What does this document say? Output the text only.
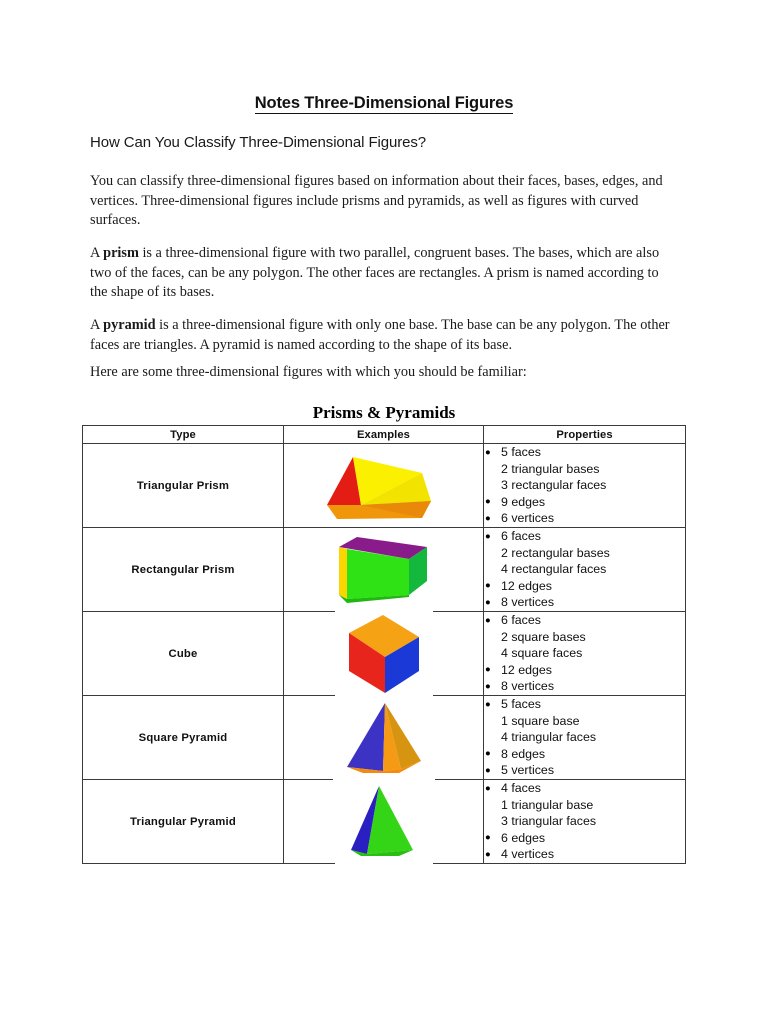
Notes Three-Dimensional Figures
How Can You Classify Three-Dimensional Figures?
You can classify three-dimensional figures based on information about their faces, bases, edges, and vertices. Three-dimensional figures include prisms and pyramids, as well as figures with curved surfaces.
A prism is a three-dimensional figure with two parallel, congruent bases. The bases, which are also two of the faces, can be any polygon. The other faces are rectangles. A prism is named according to the shape of its bases.
A pyramid is a three-dimensional figure with only one base. The base can be any polygon. The other faces are triangles. A pyramid is named according to the shape of its base.
Here are some three-dimensional figures with which you should be familiar:
Prisms & Pyramids
Type	Examples	Properties
Triangular Prism		● 5 faces
2 triangular bases
3 rectangular faces
● 9 edges
● 6 vertices

Rectangular Prism		● 6 faces
2 rectangular bases
4 rectangular faces
● 12 edges
● 8 vertices

Cube		● 6 faces
2 square bases
4 square faces
● 12 edges
● 8 vertices

Square Pyramid		● 5 faces
1 square base
4 triangular faces
● 8 edges
● 5 vertices

Triangular Pyramid		● 4 faces
1 triangular base
3 triangular faces
● 6 edges
● 4 vertices
